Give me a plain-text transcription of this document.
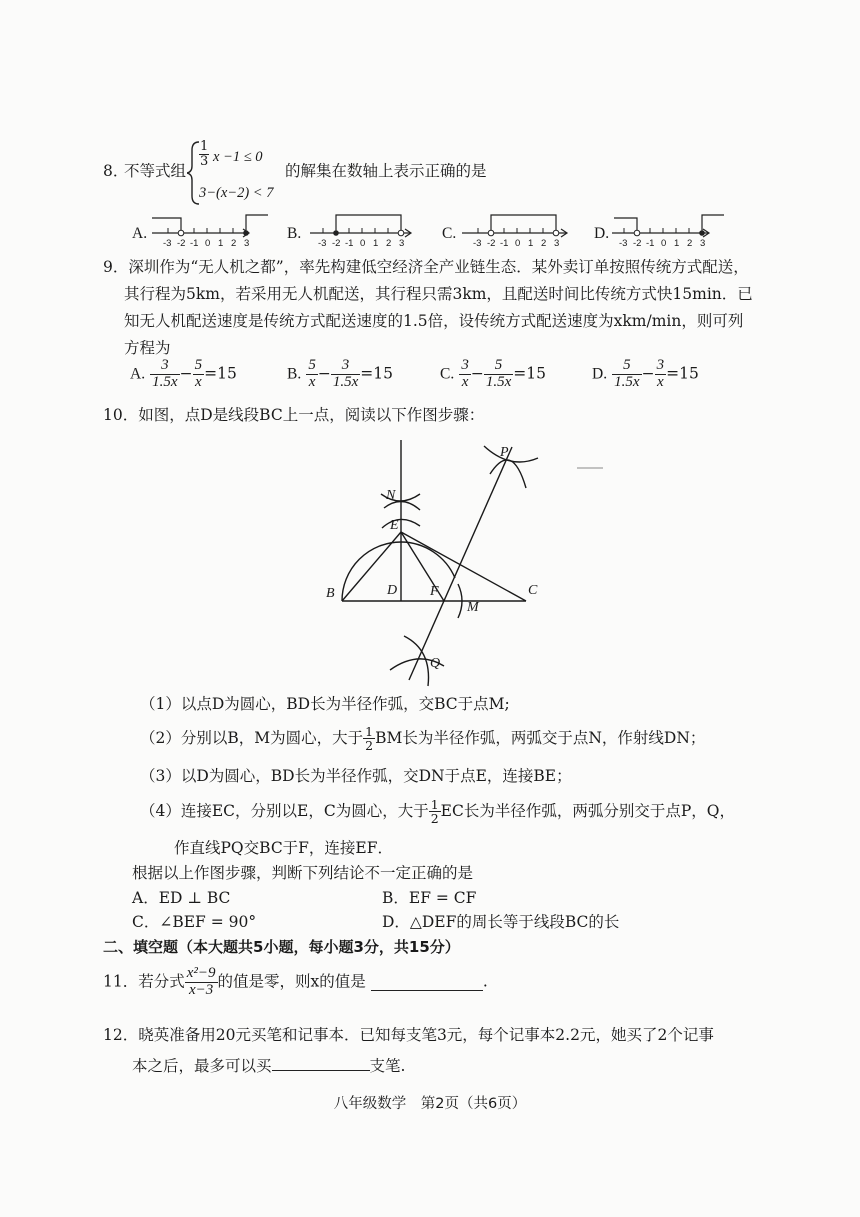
8．
不等式组
$\frac{1}{3}$ x −1 ≤ 0
3−(x−2) < 7
的解集在数轴上表示正确的是
A.	B.	C.	D.
-3 -2 -1 0 1 2 3	-3 -2 -1 0 1 2 3	-3 -2 -1 0 1 2 3	-3 -2 -1 0 1 2 3
9．深圳作为“无人机之都”，率先构建低空经济全产业链生态．某外卖订单按照传统方式配送，
其行程为5km，若采用无人机配送，其行程只需3km，且配送时间比传统方式快15min．已
知无人机配送速度是传统方式配送速度的1.5倍，设传统方式配送速度为xkm/min，则可列
方程为
A. $\frac{3}{1.5x} - \frac{5}{x} =15$	B. $\frac{5}{x} - \frac{3}{1.5x} =15$	C. $\frac{3}{x} - \frac{5}{1.5x} =15$	D. $\frac{5}{1.5x} - \frac{3}{x} =15$
10．如图，点D是线段BC上一点，阅读以下作图步骤：
B	C
D
E
F
M
N
P
Q
（1）以点D为圆心，BD长为半径作弧，交BC于点M;
（2）分别以B，M为圆心，大于 $\frac{1}{2}$ BM长为半径作弧，两弧交于点N，作射线DN；
（3）以D为圆心，BD长为半径作弧，交DN于点E，连接BE；
（4）连接EC，分别以E，C为圆心，大于 $\frac{1}{2}$ EC长为半径作弧，两弧分别交于点P，Q，
作直线PQ交BC于F，连接EF．
根据以上作图步骤，判断下列结论不一定正确的是
A．ED ⊥ BC	B．EF = CF
C．∠BEF = 90°	D．△DEF的周长等于线段BC的长
二、填空题（本大题共5小题，每小题3分，共15分）
11．若分式 $\frac{\text{x²−9}}{x-3}$ 的值是零，则x的值是	.
12．晓英准备用20元买笔和记事本．已知每支笔3元，每个记事本2.2元，她买了2个记事
本之后，最多可以买	支笔.
八年级数学　第2页（共6页）
